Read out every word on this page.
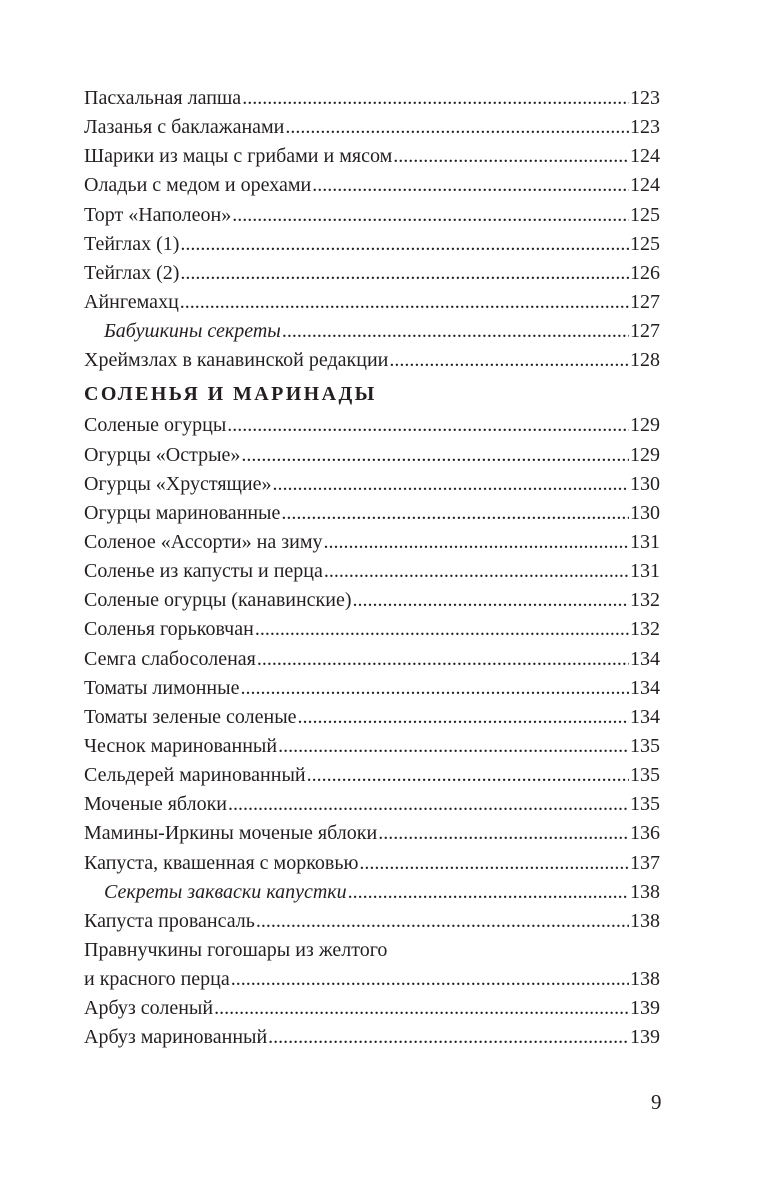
Пасхальная лапша .....	123
Лазанья с баклажанами .....	123
Шарики из мацы с грибами и мясом .....	124
Оладьи с медом и орехами .....	124
Торт «Наполеон» .....	125
Тейглах (1) .....	125
Тейглах (2) .....	126
Айнгемахц .....	127
Бабушкины секреты .....	127
Хреймзлах в канавинской редакции .....	128
СОЛЕНЬЯ И МАРИНАДЫ
Соленые огурцы .....	129
Огурцы «Острые» .....	129
Огурцы «Хрустящие» .....	130
Огурцы маринованные .....	130
Соленое «Ассорти» на зиму .....	131
Соленье из капусты и перца .....	131
Соленые огурцы (канавинские) .....	132
Соленья горьковчан .....	132
Семга слабосоленая .....	134
Томаты лимонные .....	134
Томаты зеленые соленые .....	134
Чеснок маринованный .....	135
Сельдерей маринованный .....	135
Моченые яблоки .....	135
Мамины-Иркины моченые яблоки .....	136
Капуста, квашенная с морковью .....	137
Секреты закваски капустки .....	138
Капуста провансаль .....	138
Правнучкины гогошары из желтого
и красного перца .....	138
Арбуз соленый .....	139
Арбуз маринованный .....	139
9
